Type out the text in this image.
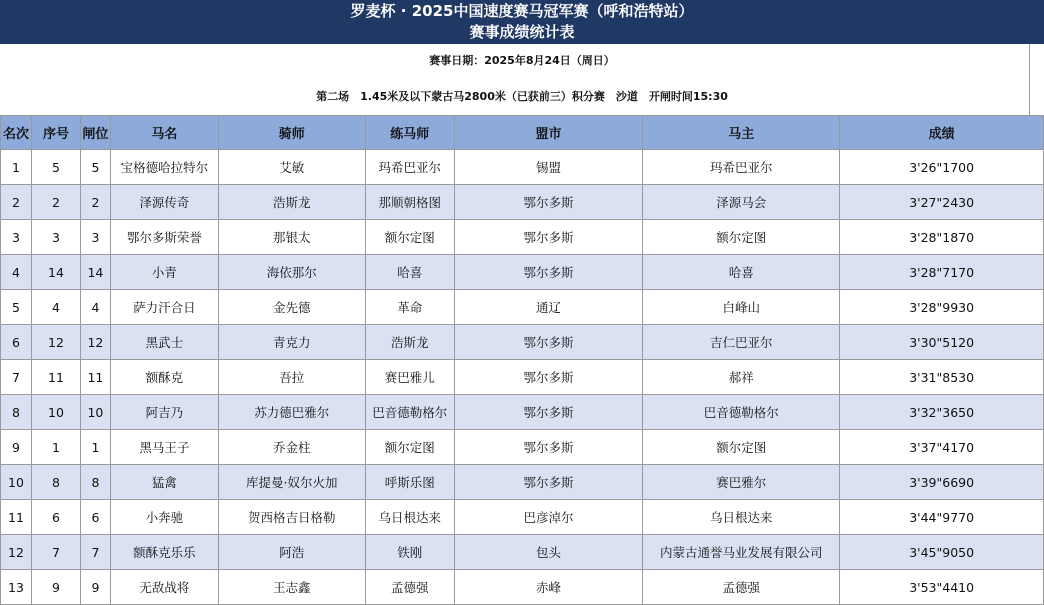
罗麦杯 · 2025中国速度赛马冠军赛（呼和浩特站）
赛事成绩统计表
赛事日期：2025年8月24日（周日）
第二场　1.45米及以下蒙古马2800米（已获前三）积分赛　沙道　开闸时间15:30
名次	序号	闸位	马名	骑师	练马师	盟市	马主	成绩
1	5	5	宝格德哈拉特尔	艾敏	玛希巴亚尔	锡盟	玛希巴亚尔	3'26"1700
2	2	2	泽源传奇	浩斯龙	那顺朝格图	鄂尔多斯	泽源马会	3'27"2430
3	3	3	鄂尔多斯荣誉	那银太	额尔定图	鄂尔多斯	额尔定图	3'28"1870
4	14	14	小青	海依那尔	哈喜	鄂尔多斯	哈喜	3'28"7170
5	4	4	萨力汗合日	金先德	革命	通辽	白峰山	3'28"9930
6	12	12	黑武士	青克力	浩斯龙	鄂尔多斯	吉仁巴亚尔	3'30"5120
7	11	11	额酥克	吾拉	赛巴雅儿	鄂尔多斯	郝祥	3'31"8530
8	10	10	阿吉乃	苏力德巴雅尔	巴音德勒格尔	鄂尔多斯	巴音德勒格尔	3'32"3650
9	1	1	黑马王子	乔金柱	额尔定图	鄂尔多斯	额尔定图	3'37"4170
10	8	8	猛禽	库提曼·奴尔火加	呼斯乐图	鄂尔多斯	赛巴雅尔	3'39"6690
11	6	6	小奔驰	贺西格吉日格勒	乌日根达来	巴彦淖尔	乌日根达来	3'44"9770
12	7	7	额酥克乐乐	阿浩	铁刚	包头	内蒙古通誉马业发展有限公司	3'45"9050
13	9	9	无敌战将	王志鑫	孟德强	赤峰	孟德强	3'53"4410
